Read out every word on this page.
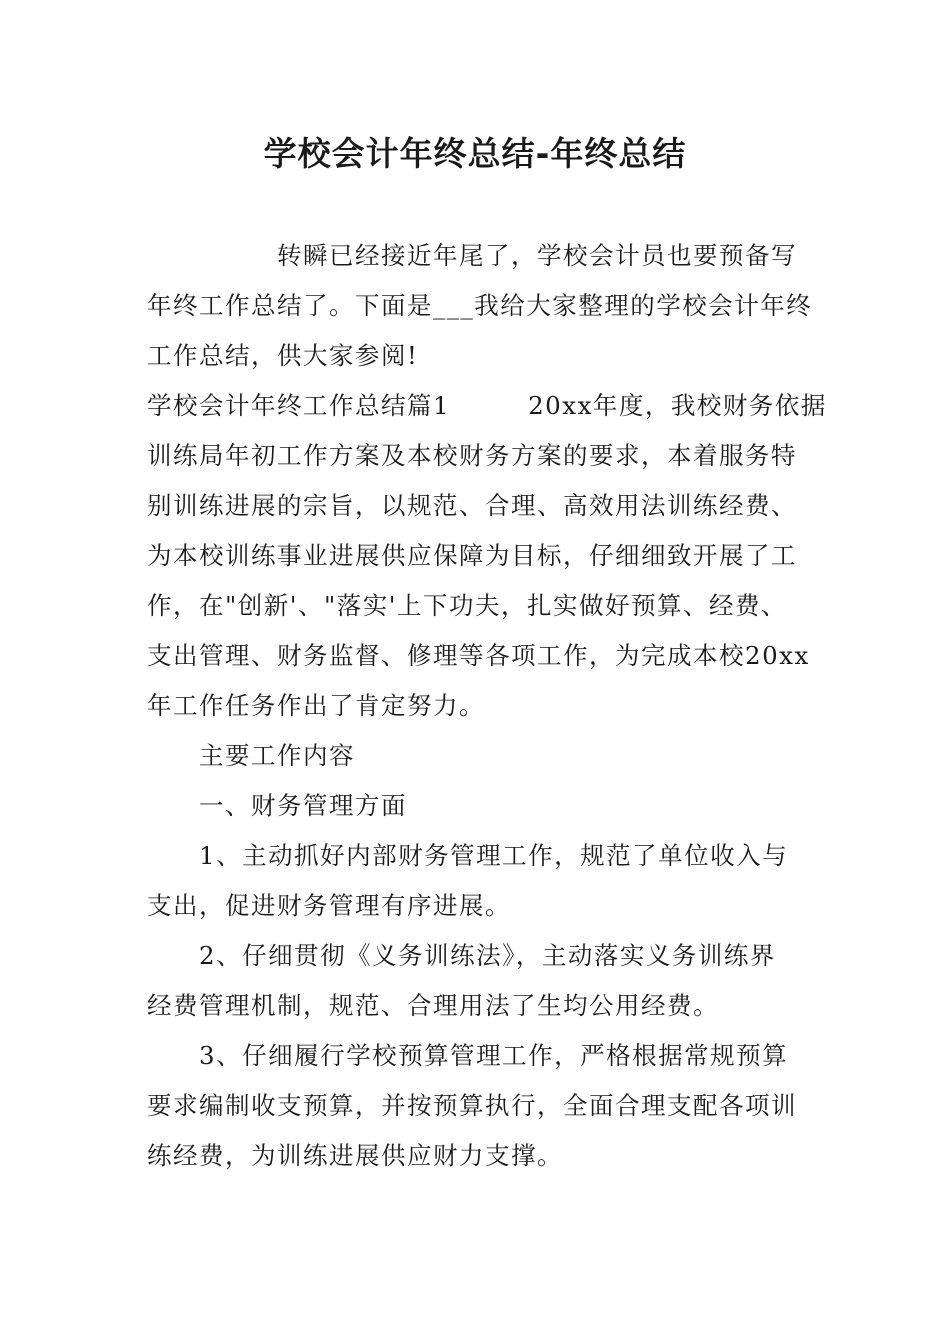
学校会计年终总结-年终总结
　　　　　转瞬已经接近年尾了，学校会计员也要预备写
年终工作总结了。下面是___我给大家整理的学校会计年终
工作总结，供大家参阅!
学校会计年终工作总结篇1　　　20xx年度，我校财务依据
训练局年初工作方案及本校财务方案的要求，本着服务特
别训练进展的宗旨，以规范、合理、高效用法训练经费、
为本校训练事业进展供应保障为目标，仔细细致开展了工
作，在"创新'、"落实'上下功夫，扎实做好预算、经费、
支出管理、财务监督、修理等各项工作，为完成本校20xx
年工作任务作出了肯定努力。
　　主要工作内容
　　一、财务管理方面
　　1、主动抓好内部财务管理工作，规范了单位收入与
支出，促进财务管理有序进展。
　　2、仔细贯彻《义务训练法》，主动落实义务训练界
经费管理机制，规范、合理用法了生均公用经费。
　　3、仔细履行学校预算管理工作，严格根据常规预算
要求编制收支预算，并按预算执行，全面合理支配各项训
练经费，为训练进展供应财力支撑。
